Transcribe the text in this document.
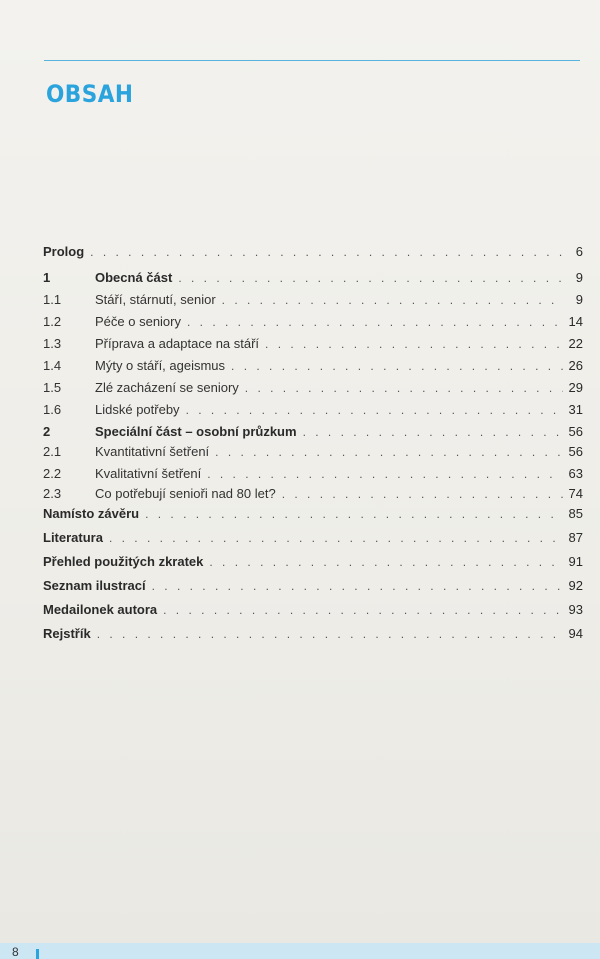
OBSAH
Prolog . . .	6
1	Obecná část . . .	9
1.1	Stáří, stárnutí, senior . . .	9
1.2	Péče o seniory . . .	14
1.3	Příprava a adaptace na stáří . . .	22
1.4	Mýty o stáří, ageismus . . .	26
1.5	Zlé zacházení se seniory . . .	29
1.6	Lidské potřeby . . .	31
2	Speciální část – osobní průzkum . . .	56
2.1	Kvantitativní šetření . . .	56
2.2	Kvalitativní šetření . . .	63
2.3	Co potřebují senioři nad 80 let? . . .	74
Namísto závěru . . .	85
Literatura . . .	87
Přehled použitých zkratek . . .	91
Seznam ilustrací . . .	92
Medailonek autora . . .	93
Rejstřík . . .	94
8
